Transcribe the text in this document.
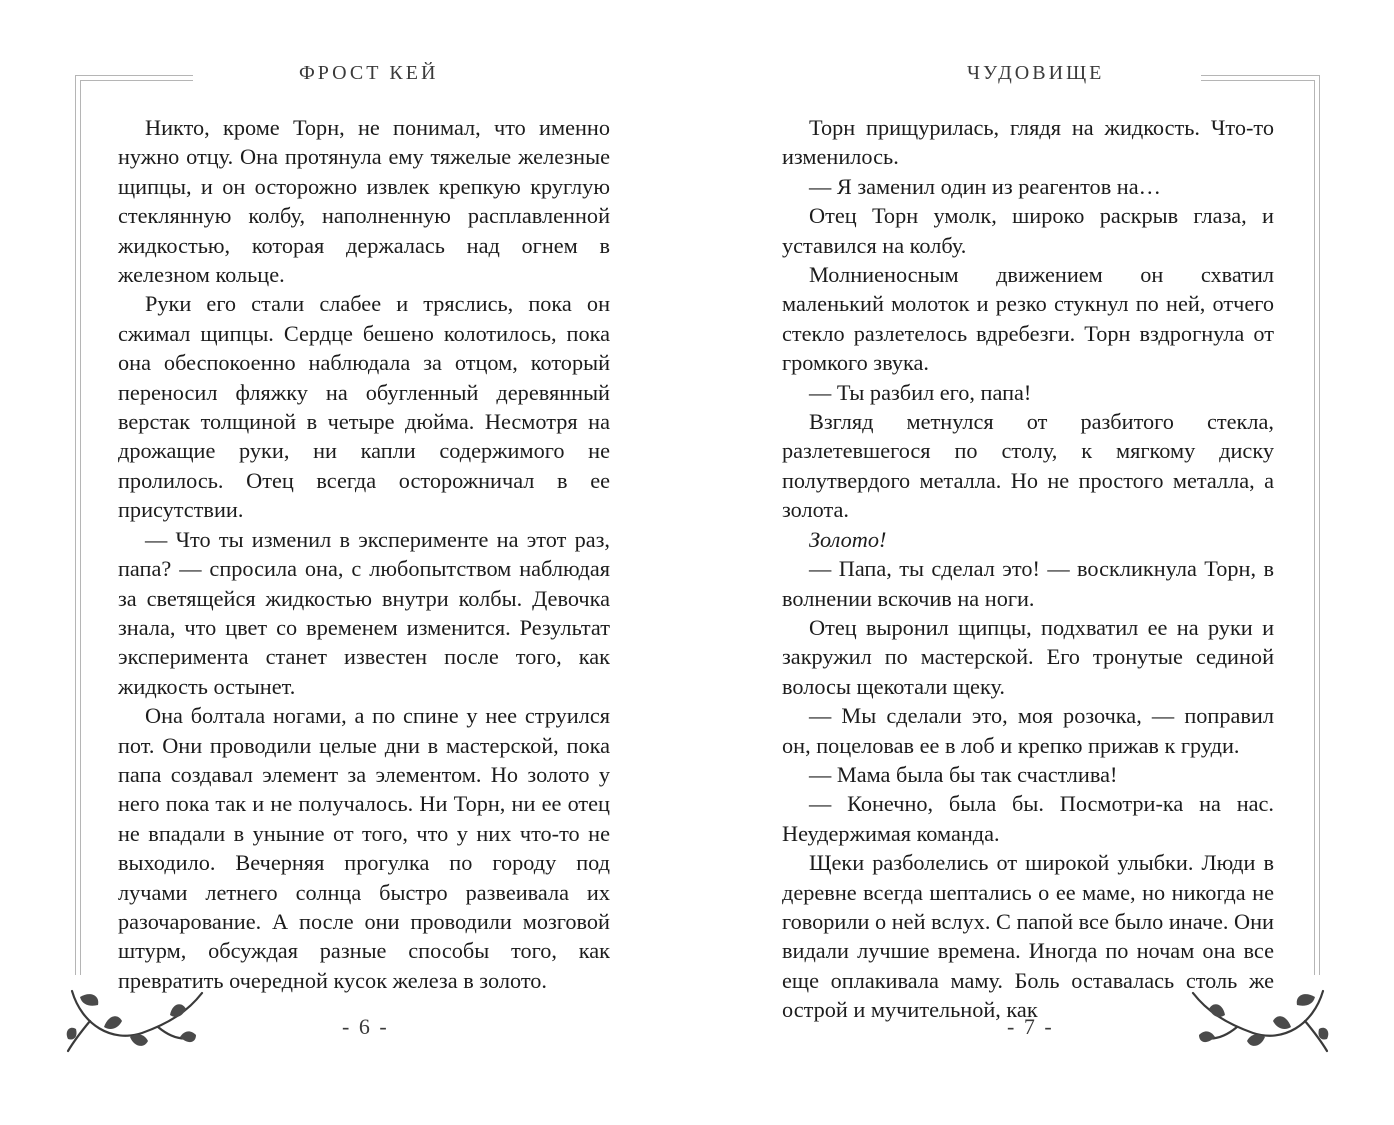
ФРОСТ КЕЙ

Никто, кроме Торн, не понимал, что именно нужно отцу. Она протянула ему тяжелые железные щипцы, и он осторожно извлек крепкую круглую стеклянную колбу, наполненную расплавленной жидкостью, которая держалась над огнем в железном кольце.

Руки его стали слабее и тряслись, пока он сжимал щипцы. Сердце бешено колотилось, пока она обеспокоенно наблюдала за отцом, который переносил фляжку на обугленный деревянный верстак толщиной в четыре дюйма. Несмотря на дрожащие руки, ни капли содержимого не пролилось. Отец всегда осторожничал в ее присутствии.

— Что ты изменил в эксперименте на этот раз, папа? — спросила она, с любопытством наблюдая за светящейся жидкостью внутри колбы. Девочка знала, что цвет со временем изменится. Результат эксперимента станет известен после того, как жидкость остынет.

Она болтала ногами, а по спине у нее струился пот. Они проводили целые дни в мастерской, пока папа создавал элемент за элементом. Но золото у него пока так и не получалось. Ни Торн, ни ее отец не впадали в уныние от того, что у них что-то не выходило. Вечерняя прогулка по городу под лучами летнего солнца быстро развеивала их разочарование. А после они проводили мозговой штурм, обсуждая разные способы того, как превратить очередной кусок железа в золото.

- 6 -
ЧУДОВИЩЕ

Торн прищурилась, глядя на жидкость. Что-то изменилось.

— Я заменил один из реагентов на…

Отец Торн умолк, широко раскрыв глаза, и уставился на колбу.

Молниеносным движением он схватил маленький молоток и резко стукнул по ней, отчего стекло разлетелось вдребезги. Торн вздрогнула от громкого звука.

— Ты разбил его, папа!

Взгляд метнулся от разбитого стекла, разлетевшегося по столу, к мягкому диску полутвердого металла. Но не простого металла, а золота.

Золото!

— Папа, ты сделал это! — воскликнула Торн, в волнении вскочив на ноги.

Отец выронил щипцы, подхватил ее на руки и закружил по мастерской. Его тронутые сединой волосы щекотали щеку.

— Мы сделали это, моя розочка, — поправил он, поцеловав ее в лоб и крепко прижав к груди.

— Мама была бы так счастлива!

— Конечно, была бы. Посмотри-ка на нас. Неудержимая команда.

Щеки разболелись от широкой улыбки. Люди в деревне всегда шептались о ее маме, но никогда не говорили о ней вслух. С папой все было иначе. Они видали лучшие времена. Иногда по ночам она все еще оплакивала маму. Боль оставалась столь же острой и мучительной, как

- 7 -
